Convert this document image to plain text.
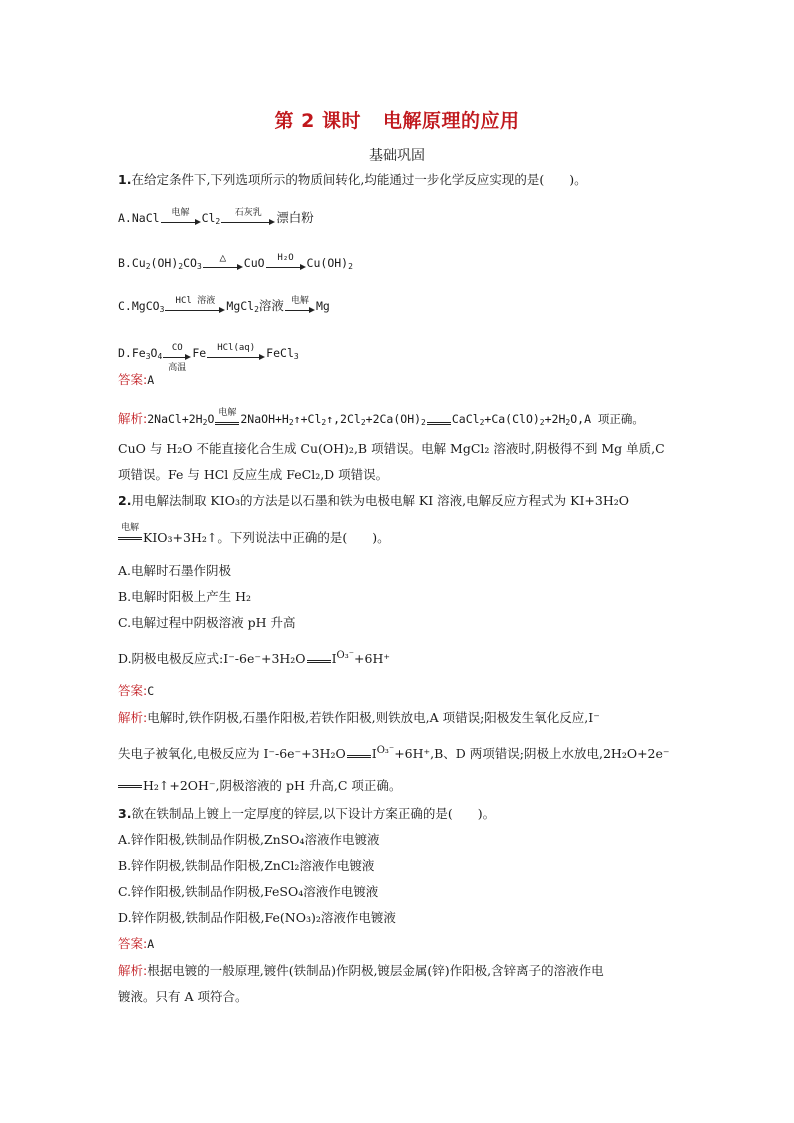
第 2 课时 电解原理的应用
基础巩固
1.在给定条件下,下列选项所示的物质间转化,均能通过一步化学反应实现的是(　　)。
A.NaCl	电解	$Cl_2$
石灰乳	漂白粉
$B.Cu_2(OH)_2CO_3$
△	CuO	H₂O	$Cu(OH)_2$
C.MgCO$_3$
HCl 溶液 MgCl$_2$溶液 电解 Mg
$D.Fe_3O_4$
CO
高温
Fe	HCl(aq) FeCl$_3$
答案:A
解析$:2NaCl+2H_2O$ 电解 $2NaOH+H_2↑+Cl_2↑,2Cl_2+2Ca(OH)_2$ $CaCl_2+Ca(ClO)_2+2H_2O,A$ 项正确。
CuO 与 H₂O 不能直接化合生成 Cu(OH)₂,B 项错误。电解 MgCl₂ 溶液时,阴极得不到 Mg 单质,C
项错误。Fe 与 HCl 反应生成 FeCl₂,D 项错误。
2.用电解法制取 KIO₃的方法是以石墨和铁为电极电解 KI 溶液,电解反应方程式为 KI+3H₂O
电解
KIO₃+3H₂↑。下列说法中正确的是(　　)。
A.电解时石墨作阴极
B.电解时阳极上产生 H₂
C.电解过程中阴极溶液 pH 升高
D.阴极电极反应式:I⁻-6e⁻+3H₂O $I^{O_3^-}+6H^+$
答案:C
解析:电解时,铁作阴极,石墨作阳极,若铁作阳极,则铁放电,A 项错误;阳极发生氧化反应,I⁻
失电子被氧化,电极反应为 I⁻-6e⁻+3H₂O $I^{O_3^-}+6H^+,B$、D 两项错误;阴极上水放电,2H₂O+2e⁻
H₂↑+2OH⁻,阴极溶液的 pH 升高,C 项正确。
3.欲在铁制品上镀上一定厚度的锌层,以下设计方案正确的是(　　)。
A.锌作阳极,铁制品作阴极,ZnSO₄溶液作电镀液
B.锌作阴极,铁制品作阳极,ZnCl₂溶液作电镀液
C.锌作阳极,铁制品作阴极,FeSO₄溶液作电镀液
D.锌作阴极,铁制品作阳极,Fe(NO₃)₂溶液作电镀液
答案:A
解析:根据电镀的一般原理,镀件(铁制品)作阴极,镀层金属(锌)作阳极,含锌离子的溶液作电
镀液。只有 A 项符合。
